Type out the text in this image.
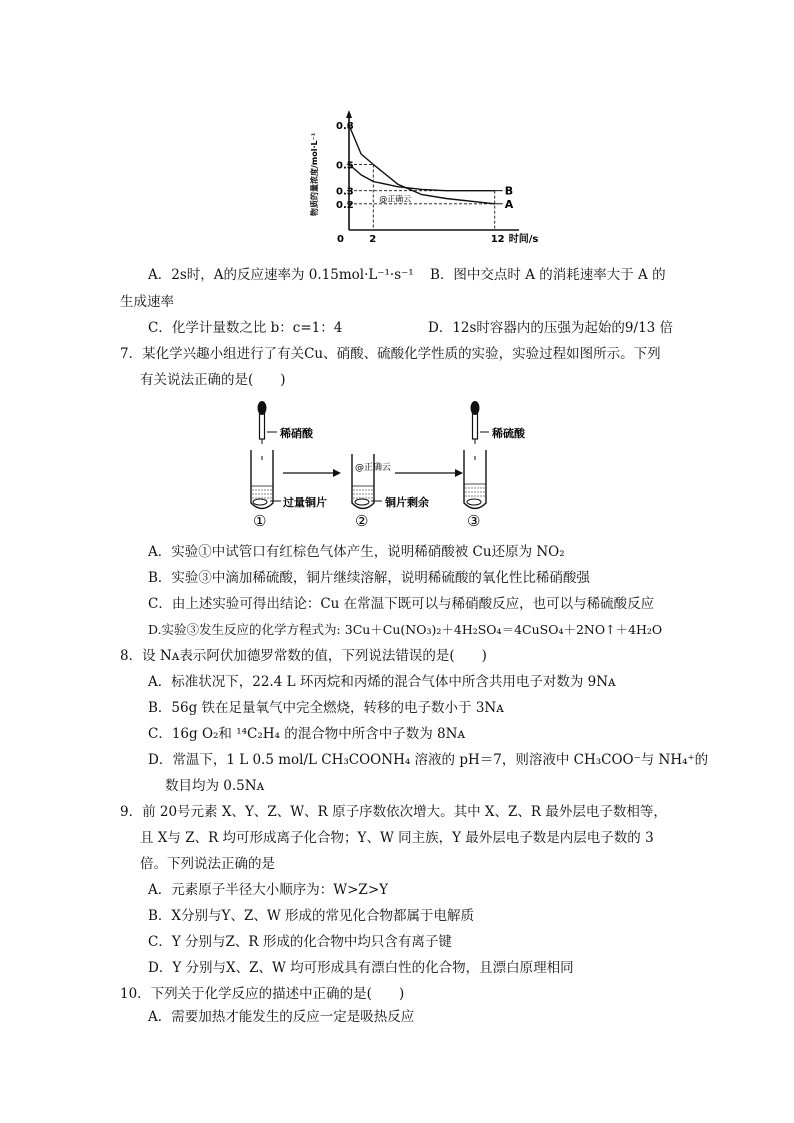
物质的量浓度/mol·L⁻¹
0.8
0.5
0.3
0.2
0	2	12 时间/s
B
A
@正确云
A．2s时，A的反应速率为 0.15mol·L⁻¹·s⁻¹ B．图中交点时 A 的消耗速率大于 A 的
生成速率
C．化学计量数之比 b：c=1：4	D．12s时容器内的压强为起始的9/13 倍
7．某化学兴趣小组进行了有关Cu、硝酸、硫酸化学性质的实验，实验过程如图所示。下列
有关说法正确的是(　　)
稀硝酸
过量铜片
①
@正确云
铜片剩余
②
稀硫酸
③
A．实验①中试管口有红棕色气体产生，说明稀硝酸被 Cu还原为 NO₂
B．实验③中滴加稀硫酸，铜片继续溶解，说明稀硫酸的氧化性比稀硝酸强
C．由上述实验可得出结论：Cu 在常温下既可以与稀硝酸反应，也可以与稀硫酸反应
D.实验③发生反应的化学方程式为: 3Cu＋Cu(NO₃)₂＋4H₂SO₄＝4CuSO₄＋2NO↑＋4H₂O
8．设 Nᴀ表示阿伏加德罗常数的值，下列说法错误的是(　　)
A．标准状况下，22.4 L 环丙烷和丙烯的混合气体中所含共用电子对数为 9Nᴀ
B．56g 铁在足量氧气中完全燃烧，转移的电子数小于 3Nᴀ
C．16g O₂和 ¹⁴C₂H₄ 的混合物中所含中子数为 8Nᴀ
D．常温下，1 L 0.5 mol/L CH₃COONH₄ 溶液的 pH＝7，则溶液中 CH₃COO⁻与 NH₄⁺的
数目均为 0.5Nᴀ
9．前 20号元素 X、Y、Z、W、R 原子序数依次增大。其中 X、Z、R 最外层电子数相等，
且 X与 Z、R 均可形成离子化合物；Y、W 同主族，Y 最外层电子数是内层电子数的 3
倍。下列说法正确的是
A．元素原子半径大小顺序为：W>Z>Y
B．X分别与Y、Z、W 形成的常见化合物都属于电解质
C．Y 分别与Z、R 形成的化合物中均只含有离子键
D．Y 分别与X、Z、W 均可形成具有漂白性的化合物，且漂白原理相同
10．下列关于化学反应的描述中正确的是(　　)
A．需要加热才能发生的反应一定是吸热反应
